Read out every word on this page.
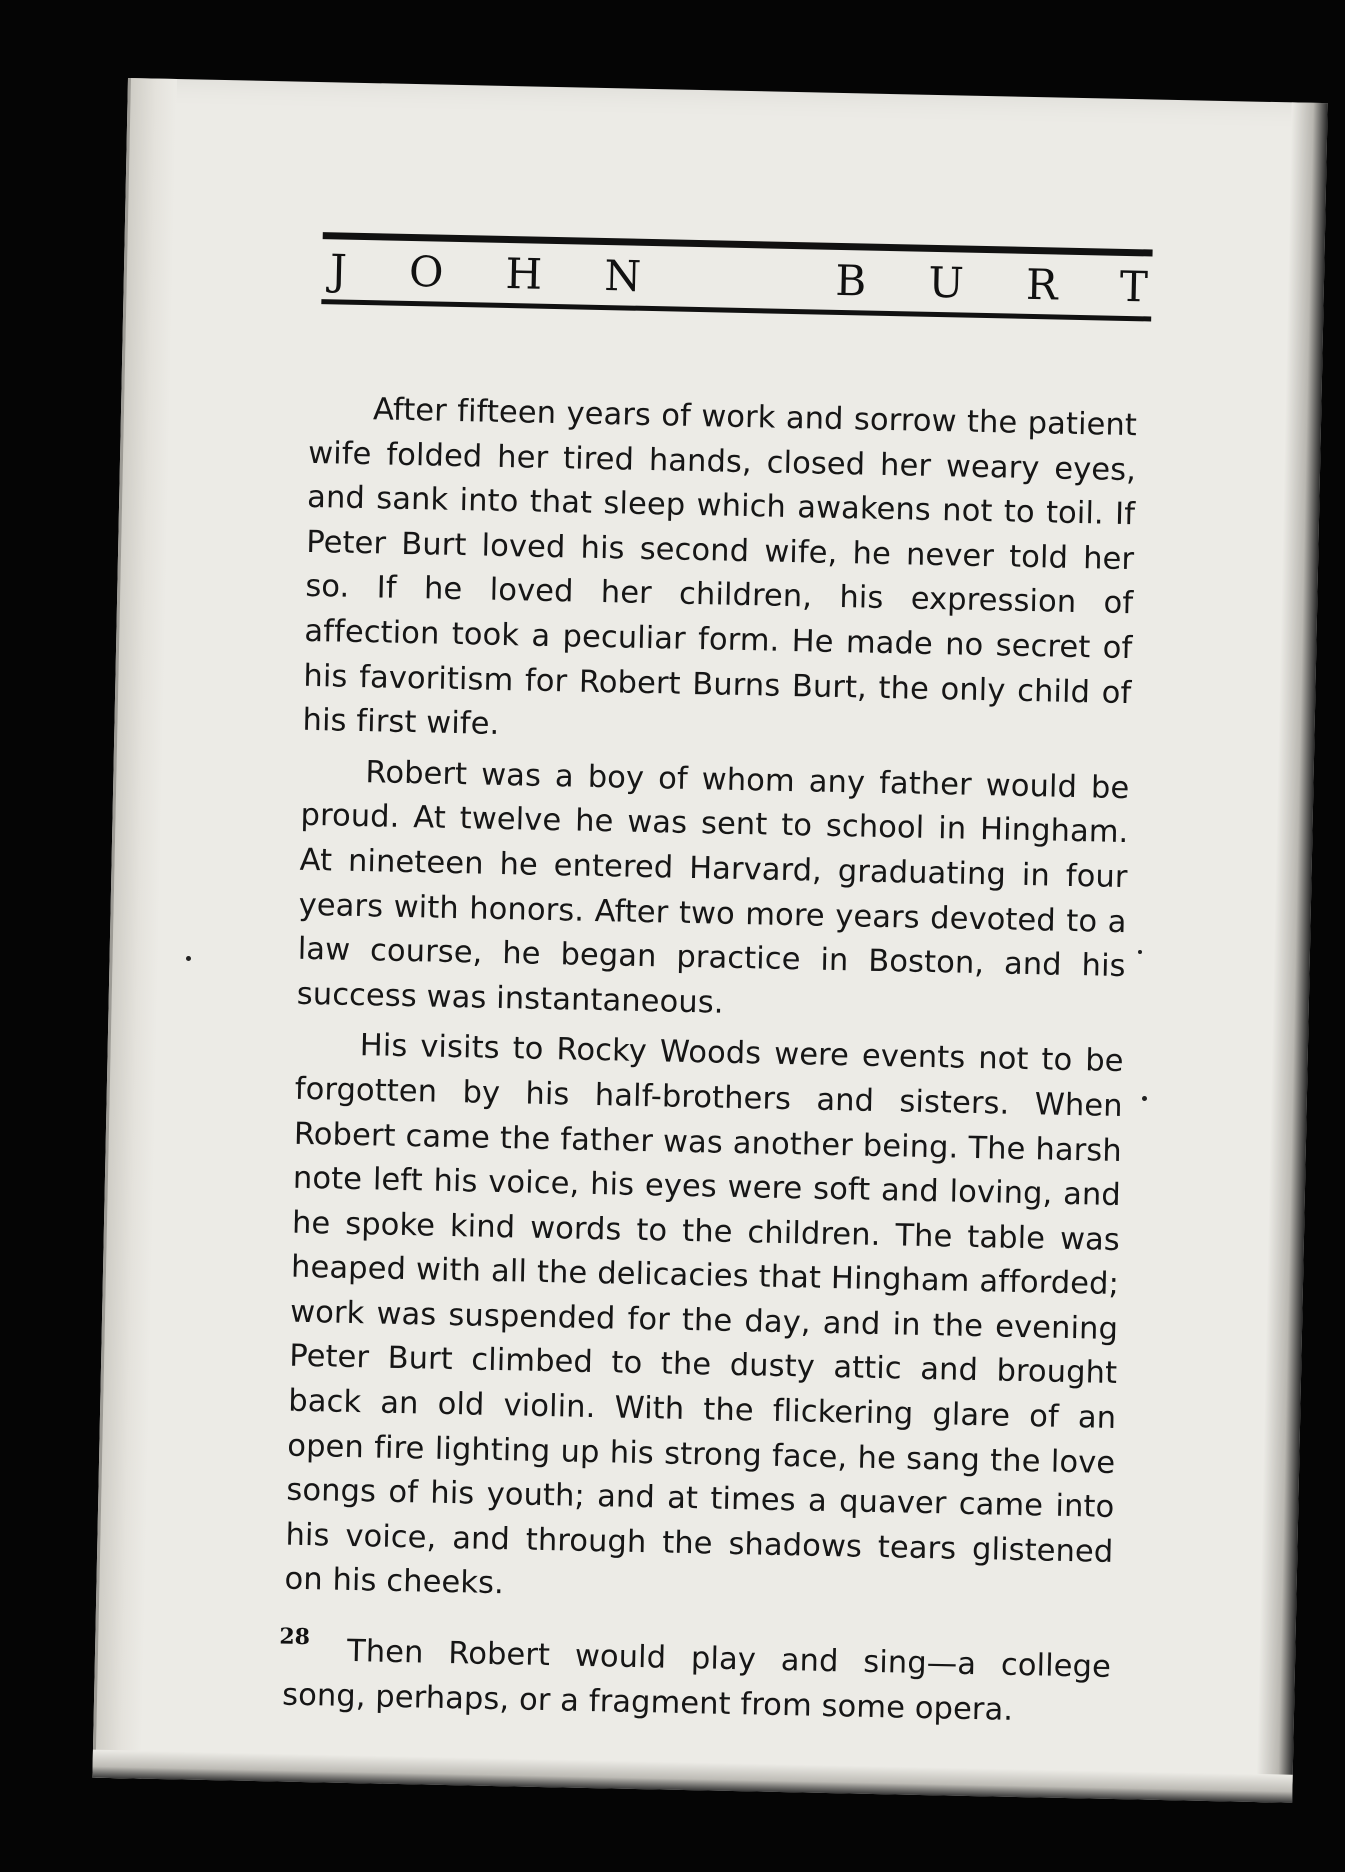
J O H N	B U R T

After fifteen years of work and sorrow the patient wife folded her tired hands, closed her weary eyes, and sank into that sleep which awakens not to toil. If Peter Burt loved his second wife, he never told her so. If he loved her children, his expression of affection took a peculiar form. He made no secret of his favoritism for Robert Burns Burt, the only child of his first wife.

Robert was a boy of whom any father would be proud. At twelve he was sent to school in Hingham. At nineteen he entered Harvard, graduating in four years with honors. After two more years devoted to a law course, he began practice in Boston, and his success was instantaneous.

His visits to Rocky Woods were events not to be forgotten by his half-brothers and sisters. When Robert came the father was another being. The harsh note left his voice, his eyes were soft and loving, and he spoke kind words to the children. The table was heaped with all the delicacies that Hingham afforded; work was suspended for the day, and in the evening Peter Burt climbed to the dusty attic and brought back an old violin. With the flickering glare of an open fire lighting up his strong face, he sang the love songs of his youth; and at times a quaver came into his voice, and through the shadows tears glistened on his cheeks.

Then Robert would play and sing—a college song, perhaps, or a fragment from some opera.

28
